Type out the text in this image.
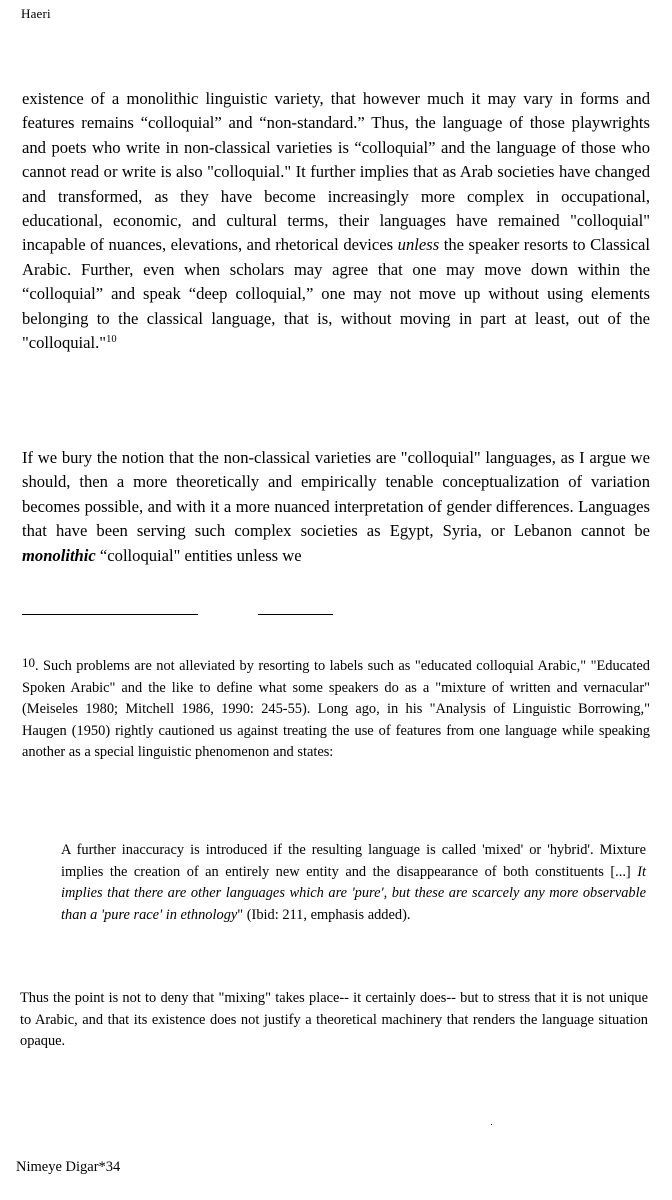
Haeri

existence of a monolithic linguistic variety, that however much it may vary in forms and features remains “colloquial” and “non-standard.” Thus, the language of those playwrights and poets who write in non-classical varieties is “colloquial” and the language of those who cannot read or write is also "colloquial." It further implies that as Arab societies have changed and transformed, as they have become increasingly more complex in occupational, educational, economic, and cultural terms, their languages have remained "colloquial" incapable of nuances, elevations, and rhetorical devices unless the speaker resorts to Classical Arabic. Further, even when scholars may agree that one may move down within the “colloquial” and speak “deep colloquial,” one may not move up without using elements belonging to the classical language, that is, without moving in part at least, out of the "colloquial."$^{10}$

If we bury the notion that the non-classical varieties are "colloquial" languages, as I argue we should, then a more theoretically and empirically tenable conceptualization of variation becomes possible, and with it a more nuanced interpretation of gender differences. Languages that have been serving such complex societies as Egypt, Syria, or Lebanon cannot be monolithic “colloquial" entities unless we

10. Such problems are not alleviated by resorting to labels such as "educated colloquial Arabic," "Educated Spoken Arabic" and the like to define what some speakers do as a "mixture of written and vernacular" (Meiseles 1980; Mitchell 1986, 1990: 245-55). Long ago, in his "Analysis of Linguistic Borrowing," Haugen (1950) rightly cautioned us against treating the use of features from one language while speaking another as a special linguistic phenomenon and states:

A further inaccuracy is introduced if the resulting language is called 'mixed' or 'hybrid'. Mixture implies the creation of an entirely new entity and the disappearance of both constituents [...] It implies that there are other languages which are 'pure', but these are scarcely any more observable than a 'pure race' in ethnology" (Ibid: 211, emphasis added).

Thus the point is not to deny that "mixing" takes place-- it certainly does-- but to stress that it is not unique to Arabic, and that its existence does not justify a theoretical machinery that renders the language situation opaque.

Nimeye Digar*34
